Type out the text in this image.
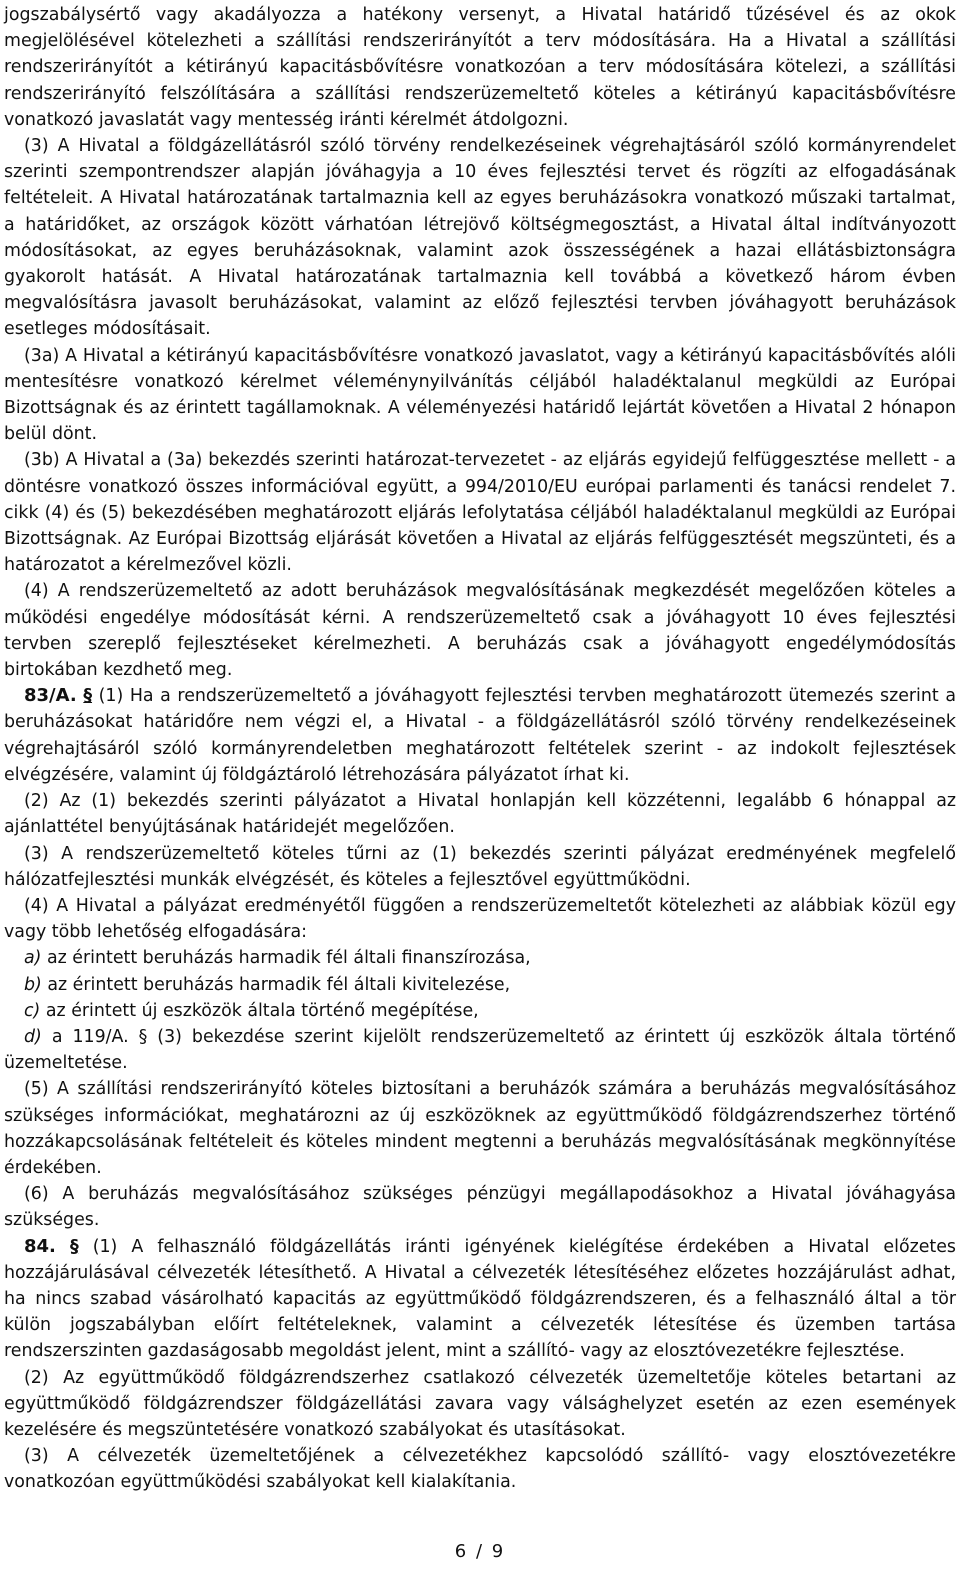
jogszabálysértő vagy akadályozza a hatékony versenyt, a Hivatal határidő tűzésével és az okok megjelölésével kötelezheti a szállítási rendszerirányítót a terv módosítására. Ha a Hivatal a szállítási rendszerirányítót a kétirányú kapacitásbővítésre vonatkozóan a terv módosítására kötelezi, a szállítási rendszerirányító felszólítására a szállítási rendszerüzemeltető köteles a kétirányú kapacitásbővítésre vonatkozó javaslatát vagy mentesség iránti kérelmét átdolgozni.

(3) A Hivatal a földgázellátásról szóló törvény rendelkezéseinek végrehajtásáról szóló kormányrendelet szerinti szempontrendszer alapján jóváhagyja a 10 éves fejlesztési tervet és rögzíti az elfogadásának feltételeit. A Hivatal határozatának tartalmaznia kell az egyes beruházásokra vonatkozó műszaki tartalmat, a határidőket, az országok között várhatóan létrejövő költségmegosztást, a Hivatal által indítványozott módosításokat, az egyes beruházásoknak, valamint azok összességének a hazai ellátásbiztonságra gyakorolt hatását. A Hivatal határozatának tartalmaznia kell továbbá a következő három évben megvalósításra javasolt beruházásokat, valamint az előző fejlesztési tervben jóváhagyott beruházások esetleges módosításait.

(3a) A Hivatal a kétirányú kapacitásbővítésre vonatkozó javaslatot, vagy a kétirányú kapacitásbővítés alóli mentesítésre vonatkozó kérelmet véleménynyilvánítás céljából haladéktalanul megküldi az Európai Bizottságnak és az érintett tagállamoknak. A véleményezési határidő lejártát követően a Hivatal 2 hónapon belül dönt.

(3b) A Hivatal a (3a) bekezdés szerinti határozat-tervezetet - az eljárás egyidejű felfüggesztése mellett - a döntésre vonatkozó összes információval együtt, a 994/2010/EU európai parlamenti és tanácsi rendelet 7. cikk (4) és (5) bekezdésében meghatározott eljárás lefolytatása céljából haladéktalanul megküldi az Európai Bizottságnak. Az Európai Bizottság eljárását követően a Hivatal az eljárás felfüggesztését megszünteti, és a határozatot a kérelmezővel közli.

(4) A rendszerüzemeltető az adott beruházások megvalósításának megkezdését megelőzően köteles a működési engedélye módosítását kérni. A rendszerüzemeltető csak a jóváhagyott 10 éves fejlesztési tervben szereplő fejlesztéseket kérelmezheti. A beruházás csak a jóváhagyott engedélymódosítás birtokában kezdhető meg.

83/A. § (1) Ha a rendszerüzemeltető a jóváhagyott fejlesztési tervben meghatározott ütemezés szerint a beruházásokat határidőre nem végzi el, a Hivatal - a földgázellátásról szóló törvény rendelkezéseinek végrehajtásáról szóló kormányrendeletben meghatározott feltételek szerint - az indokolt fejlesztések elvégzésére, valamint új földgáztároló létrehozására pályázatot írhat ki.

(2) Az (1) bekezdés szerinti pályázatot a Hivatal honlapján kell közzétenni, legalább 6 hónappal az ajánlattétel benyújtásának határidejét megelőzően.

(3) A rendszerüzemeltető köteles tűrni az (1) bekezdés szerinti pályázat eredményének megfelelő hálózatfejlesztési munkák elvégzését, és köteles a fejlesztővel együttműködni.

(4) A Hivatal a pályázat eredményétől függően a rendszerüzemeltetőt kötelezheti az alábbiak közül egy vagy több lehetőség elfogadására:

a) az érintett beruházás harmadik fél általi finanszírozása,

b) az érintett beruházás harmadik fél általi kivitelezése,

c) az érintett új eszközök általa történő megépítése,

d) a 119/A. § (3) bekezdése szerint kijelölt rendszerüzemeltető az érintett új eszközök általa történő üzemeltetése.

(5) A szállítási rendszerirányító köteles biztosítani a beruházók számára a beruházás megvalósításához szükséges információkat, meghatározni az új eszközöknek az együttműködő földgázrendszerhez történő hozzákapcsolásának feltételeit és köteles mindent megtenni a beruházás megvalósításának megkönnyítése érdekében.

(6) A beruházás megvalósításához szükséges pénzügyi megállapodásokhoz a Hivatal jóváhagyása szükséges.

84. § (1) A felhasználó földgázellátás iránti igényének kielégítése érdekében a Hivatal előzetes hozzájárulásával célvezeték létesíthető. A Hivatal a célvezeték létesítéséhez előzetes hozzájárulást adhat, ha nincs szabad vásárolható kapacitás az együttműködő földgázrendszeren, és a felhasználó által a tör külön jogszabályban előírt feltételeknek, valamint a célvezeték létesítése és üzemben tartása rendszerszinten gazdaságosabb megoldást jelent, mint a szállító- vagy az elosztóvezetékre fejlesztése.

(2) Az együttműködő földgázrendszerhez csatlakozó célvezeték üzemeltetője köteles betartani az együttműködő földgázrendszer földgázellátási zavara vagy válsághelyzet esetén az ezen események kezelésére és megszüntetésére vonatkozó szabályokat és utasításokat.

(3) A célvezeték üzemeltetőjének a célvezetékhez kapcsolódó szállító- vagy elosztóvezetékre vonatkozóan együttműködési szabályokat kell kialakítania.

6 / 9
